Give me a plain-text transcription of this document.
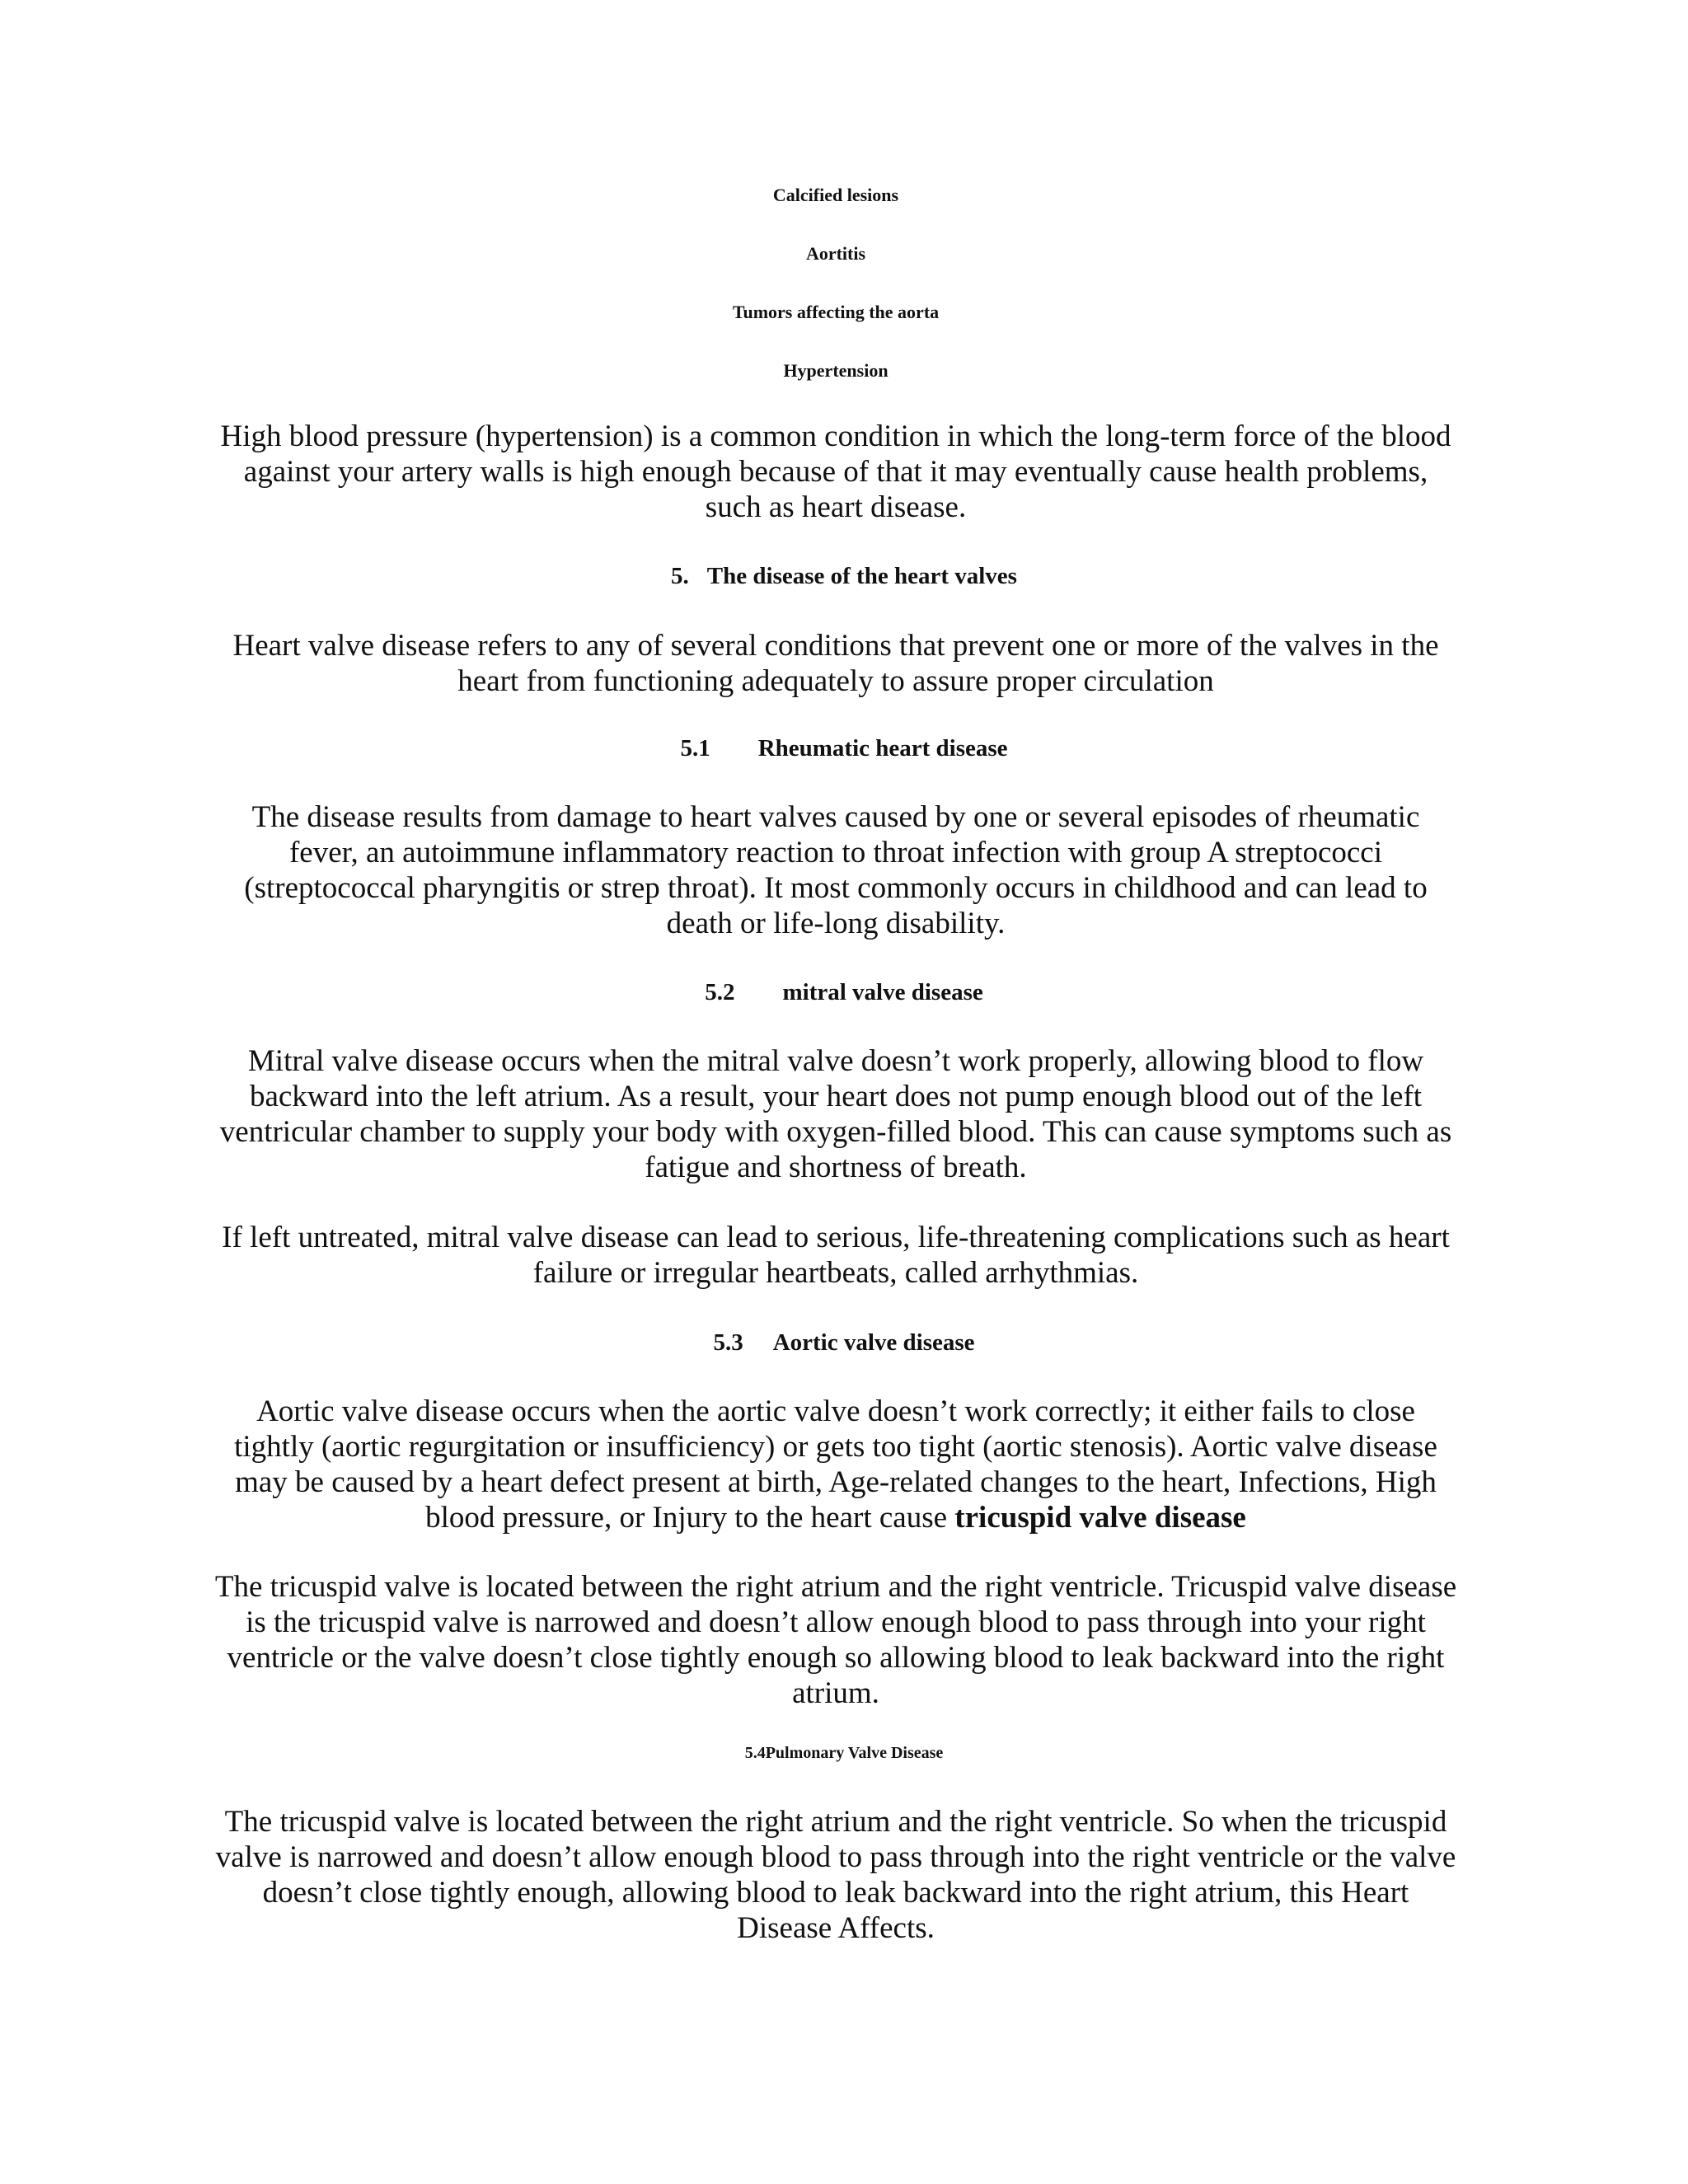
Calcified lesions

Aortitis

Tumors affecting the aorta

Hypertension

High blood pressure (hypertension) is a common condition in which the long-term force of the blood against your artery walls is high enough because of that it may eventually cause health problems, such as heart disease.

5. The disease of the heart valves

Heart valve disease refers to any of several conditions that prevent one or more of the valves in the heart from functioning adequately to assure proper circulation

5.1 Rheumatic heart disease

The disease results from damage to heart valves caused by one or several episodes of rheumatic fever, an autoimmune inflammatory reaction to throat infection with group A streptococci (streptococcal pharyngitis or strep throat). It most commonly occurs in childhood and can lead to death or life-long disability.

5.2 mitral valve disease

Mitral valve disease occurs when the mitral valve doesn’t work properly, allowing blood to flow backward into the left atrium. As a result, your heart does not pump enough blood out of the left ventricular chamber to supply your body with oxygen-filled blood. This can cause symptoms such as fatigue and shortness of breath.

If left untreated, mitral valve disease can lead to serious, life-threatening complications such as heart failure or irregular heartbeats, called arrhythmias.

5.3 Aortic valve disease

Aortic valve disease occurs when the aortic valve doesn’t work correctly; it either fails to close tightly (aortic regurgitation or insufficiency) or gets too tight (aortic stenosis). Aortic valve disease may be caused by a heart defect present at birth, Age-related changes to the heart, Infections, High blood pressure, or Injury to the heart cause tricuspid valve disease

The tricuspid valve is located between the right atrium and the right ventricle. Tricuspid valve disease is the tricuspid valve is narrowed and doesn’t allow enough blood to pass through into your right ventricle or the valve doesn’t close tightly enough so allowing blood to leak backward into the right atrium.

5.4Pulmonary Valve Disease

The tricuspid valve is located between the right atrium and the right ventricle. So when the tricuspid valve is narrowed and doesn’t allow enough blood to pass through into the right ventricle or the valve doesn’t close tightly enough, allowing blood to leak backward into the right atrium, this Heart Disease Affects.
